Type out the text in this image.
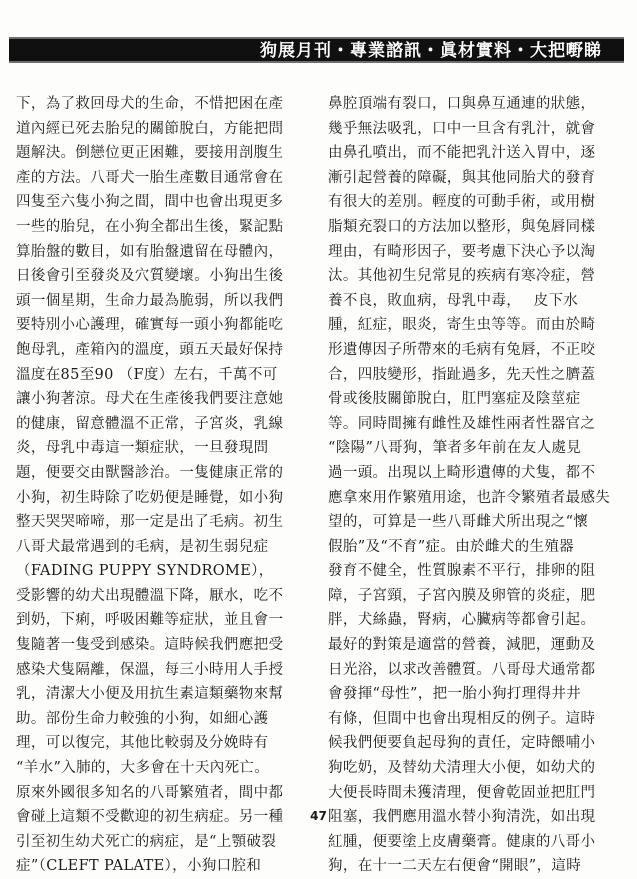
狗展月刊・專業諮訊・眞材實料・大把嘢睇
下，為了救回母犬的生命，不惜把困在產
道內經已死去胎兒的關節脫白，方能把問
題解決。倒戀位更正困難，要接用剖腹生
產的方法。八哥犬一胎生產數目通常會在
四隻至六隻小狗之間，間中也會出現更多
一些的胎兒，在小狗全都出生後，緊記點
算胎盤的數目，如有胎盤遺留在母體內，
日後會引至發炎及穴質變壞。小狗出生後
頭一個星期，生命力最為脆弱，所以我們
要特別小心護理，確實每一頭小狗都能吃
飽母乳，產箱內的溫度，頭五天最好保持
溫度在85至90 （F度）左右，千萬不可
讓小狗著涼。母犬在生產後我們要注意她
的健康，留意體溫不正常，子宮炎，乳線
炎，母乳中毒這一類症狀，一旦發現問
題，便要交由獸醫診治。一隻健康正常的
小狗，初生時除了吃奶便是睡覺，如小狗
整天哭哭啼啼，那一定是出了毛病。初生
八哥犬最常遇到的毛病，是初生弱兒症
（FADING PUPPY SYNDROME），
受影響的幼犬出現體溫下降，厭水，吃不
到奶，下痢，呼吸困難等症狀，並且會一
隻隨著一隻受到感染。這時候我們應把受
感染犬隻隔離，保溫，每三小時用人手授
乳，清潔大小便及用抗生素這類藥物來幫
助。部份生命力較強的小狗，如細心護
理，可以復完，其他比較弱及分娩時有
“羊水”入肺的，大多會在十天內死亡。
原來外國很多知名的八哥繁殖者，間中都
會碰上這類不受歡迎的初生病症。另一種
引至初生幼犬死亡的病症，是“上顎破裂
症”（CLEFT PALATE），小狗口腔和
鼻腔頂端有裂口，口與鼻互通連的狀態，
幾乎無法吸乳，口中一旦含有乳汁，就會
由鼻孔噴出，而不能把乳汁送入胃中，逐
漸引起營養的障礙，與其他同胎犬的發育
有很大的差別。輕度的可動手術，或用樹
脂類充裂口的方法加以整形，與兔唇同樣
理由，有畸形因子，要考慮下決心予以淘
汰。其他初生兒常見的疾病有寒冷症，營
養不良，敗血病，母乳中毒，　 皮下水
腫，紅症，眼炎，寄生虫等等。而由於畸
形遺傳因子所帶來的毛病有兔唇，不正咬
合，四肢變形，指趾過多，先天性之臍蓋
骨或後肢關節脫白，肛門塞症及陰莖症
等。同時間擁有雌性及雄性兩者性器官之
“陰陽”八哥狗，筆者多年前在友人處見
過一頭。出現以上畸形遺傳的犬隻，都不
應拿來用作繁殖用途，也許令繁殖者最感失
望的，可算是一些八哥雌犬所出現之“懷
假胎”及“不育”症。由於雌犬的生殖器
發育不健全，性質腺素不平行，排卵的阻
障，子宮頸，子宮內膜及卵管的炎症，肥
胖，犬絲蟲，腎病，心臟病等都會引起。
最好的對策是適當的營養，減肥，運動及
日光浴，以求改善體質。八哥母犬通常都
會發揮“母性”，把一胎小狗打理得井井
有條，但間中也會出現相反的例子。這時
候我們便要負起母狗的責任，定時餵哺小
狗吃奶，及替幼犬清理大小便，如幼犬的
大便長時間未獲清理，便會乾固並把肛門
阻塞，我們應用溫水替小狗清洗，如出現
紅腫，便要塗上皮膚藥膏。健康的八哥小
狗，在十一二天左右便會“開眼”，這時
47
